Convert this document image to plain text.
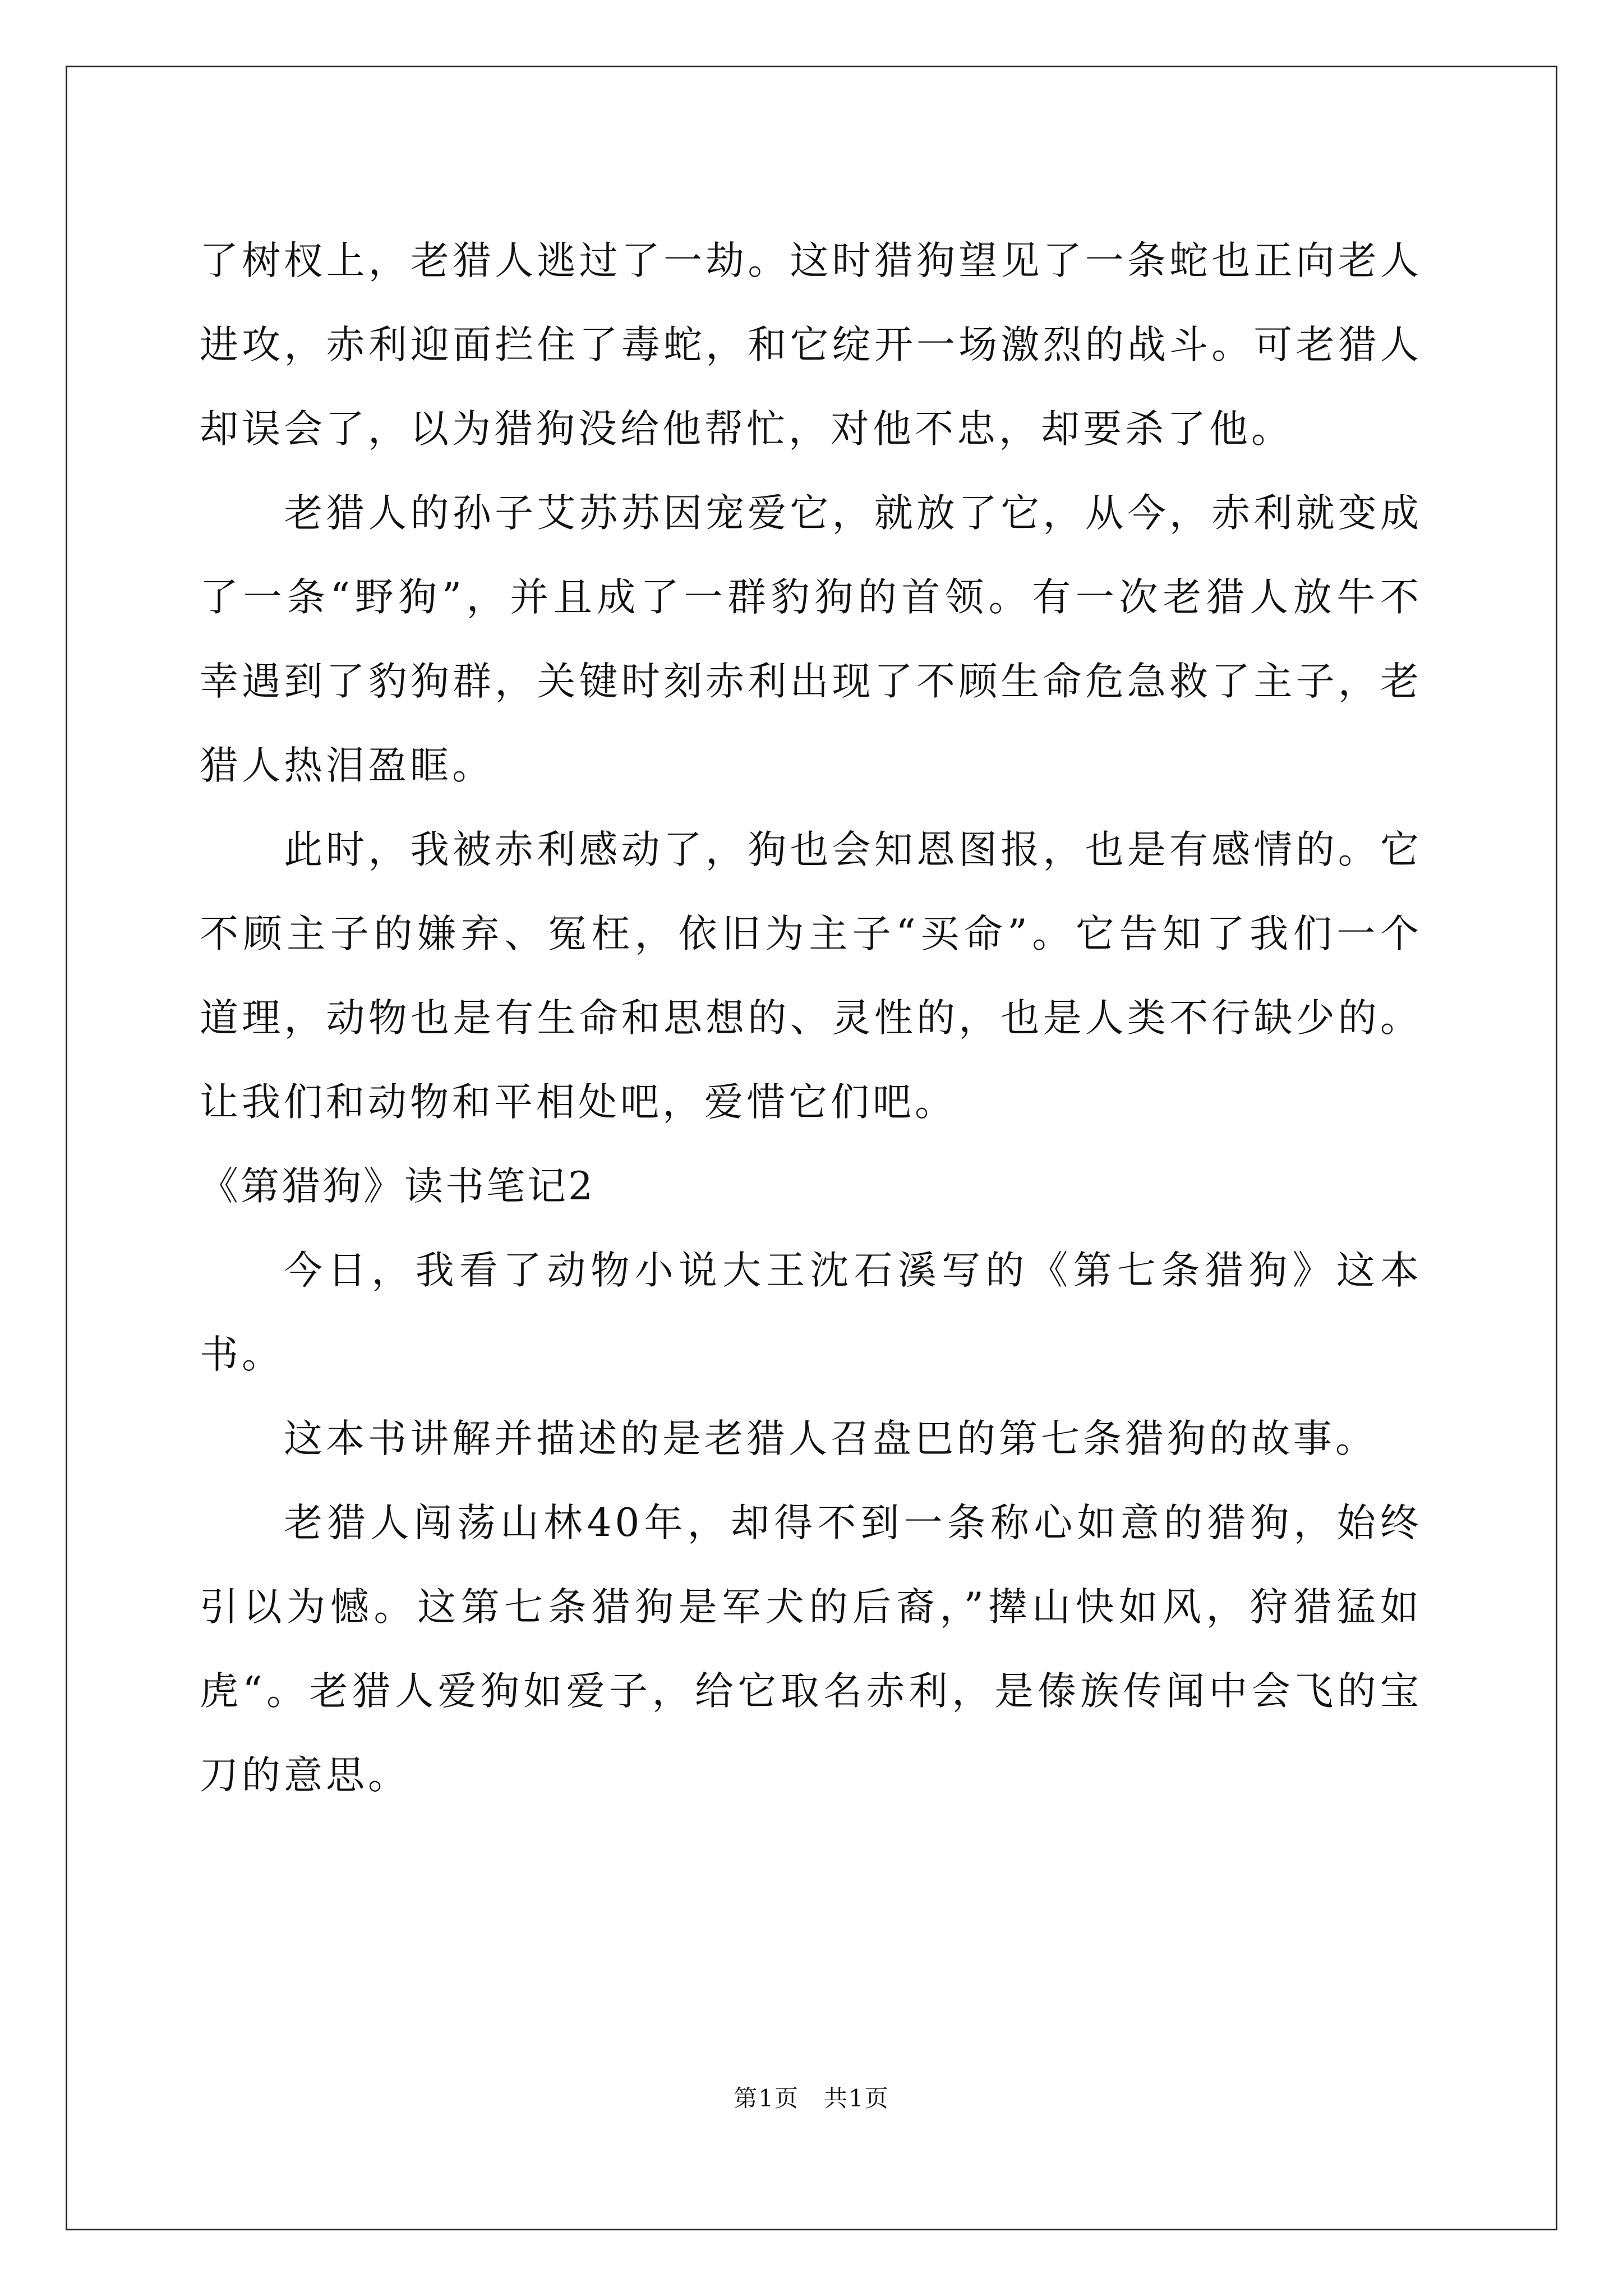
了树杈上，老猎人逃过了一劫。这时猎狗望见了一条蛇也正向老人进攻，赤利迎面拦住了毒蛇，和它绽开一场激烈的战斗。可老猎人却误会了，以为猎狗没给他帮忙，对他不忠，却要杀了他。

老猎人的孙子艾苏苏因宠爱它，就放了它，从今，赤利就变成了一条“野狗”，并且成了一群豹狗的首领。有一次老猎人放牛不幸遇到了豹狗群，关键时刻赤利出现了不顾生命危急救了主子，老猎人热泪盈眶。

此时，我被赤利感动了，狗也会知恩图报，也是有感情的。它不顾主子的嫌弃、冤枉，依旧为主子“买命”。它告知了我们一个道理，动物也是有生命和思想的、灵性的，也是人类不行缺少的。让我们和动物和平相处吧，爱惜它们吧。

《第猎狗》读书笔记2

今日，我看了动物小说大王沈石溪写的《第七条猎狗》这本书。

这本书讲解并描述的是老猎人召盘巴的第七条猎狗的故事。

老猎人闯荡山林40年，却得不到一条称心如意的猎狗，始终引以为憾。这第七条猎狗是军犬的后裔，”撵山快如风，狩猎猛如虎“。老猎人爱狗如爱子，给它取名赤利，是傣族传闻中会飞的宝刀的意思。

第1页　共1页
